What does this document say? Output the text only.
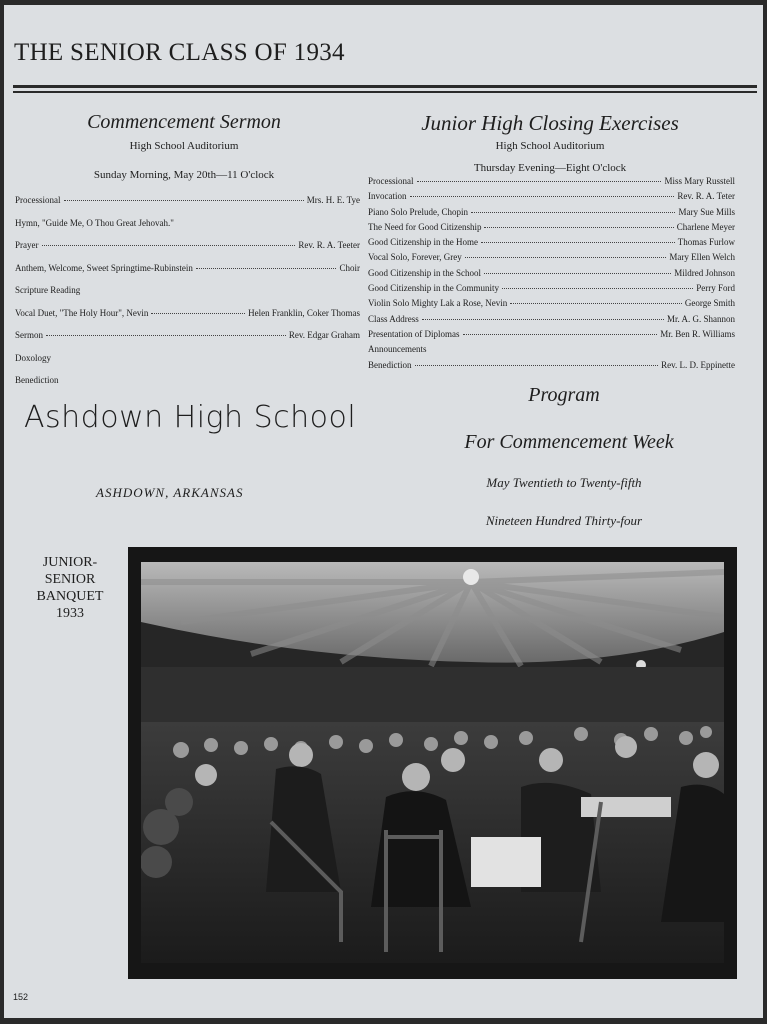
THE SENIOR CLASS OF 1934
Commencement Sermon
High School Auditorium
Sunday Morning, May 20th—11 O'clock
Processional	Mrs. H. E. Tye
Hymn, "Guide Me, O Thou Great Jehovah."
Prayer	Rev. R. A. Teeter
Anthem, Welcome, Sweet Springtime-Rubinstein	Choir
Scripture Reading
Vocal Duet, "The Holy Hour", Nevin	Helen Franklin, Coker Thomas
Sermon	Rev. Edgar Graham
Doxology
Benediction
Junior High Closing Exercises
High School Auditorium
Thursday Evening—Eight O'clock
Processional	Miss Mary Russtell
Invocation	Rev. R. A. Teter
Piano Solo Prelude, Chopin	Mary Sue Mills
The Need for Good Citizenship	Charlene Meyer
Good Citizenship in the Home	Thomas Furlow
Vocal Solo, Forever, Grey	Mary Ellen Welch
Good Citizenship in the School	Mildred Johnson
Good Citizenship in the Community	Perry Ford
Violin Solo Mighty Lak a Rose, Nevin	George Smith
Class Address	Mr. A. G. Shannon
Presentation of Diplomas	Mr. Ben R. Williams
Announcements
Benediction	Rev. L. D. Eppinette
Ashdown High School
ASHDOWN, ARKANSAS
Program
For Commencement Week
May Twentieth to Twenty-fifth
Nineteen Hundred Thirty-four
JUNIOR-
SENIOR
BANQUET
1933
152
